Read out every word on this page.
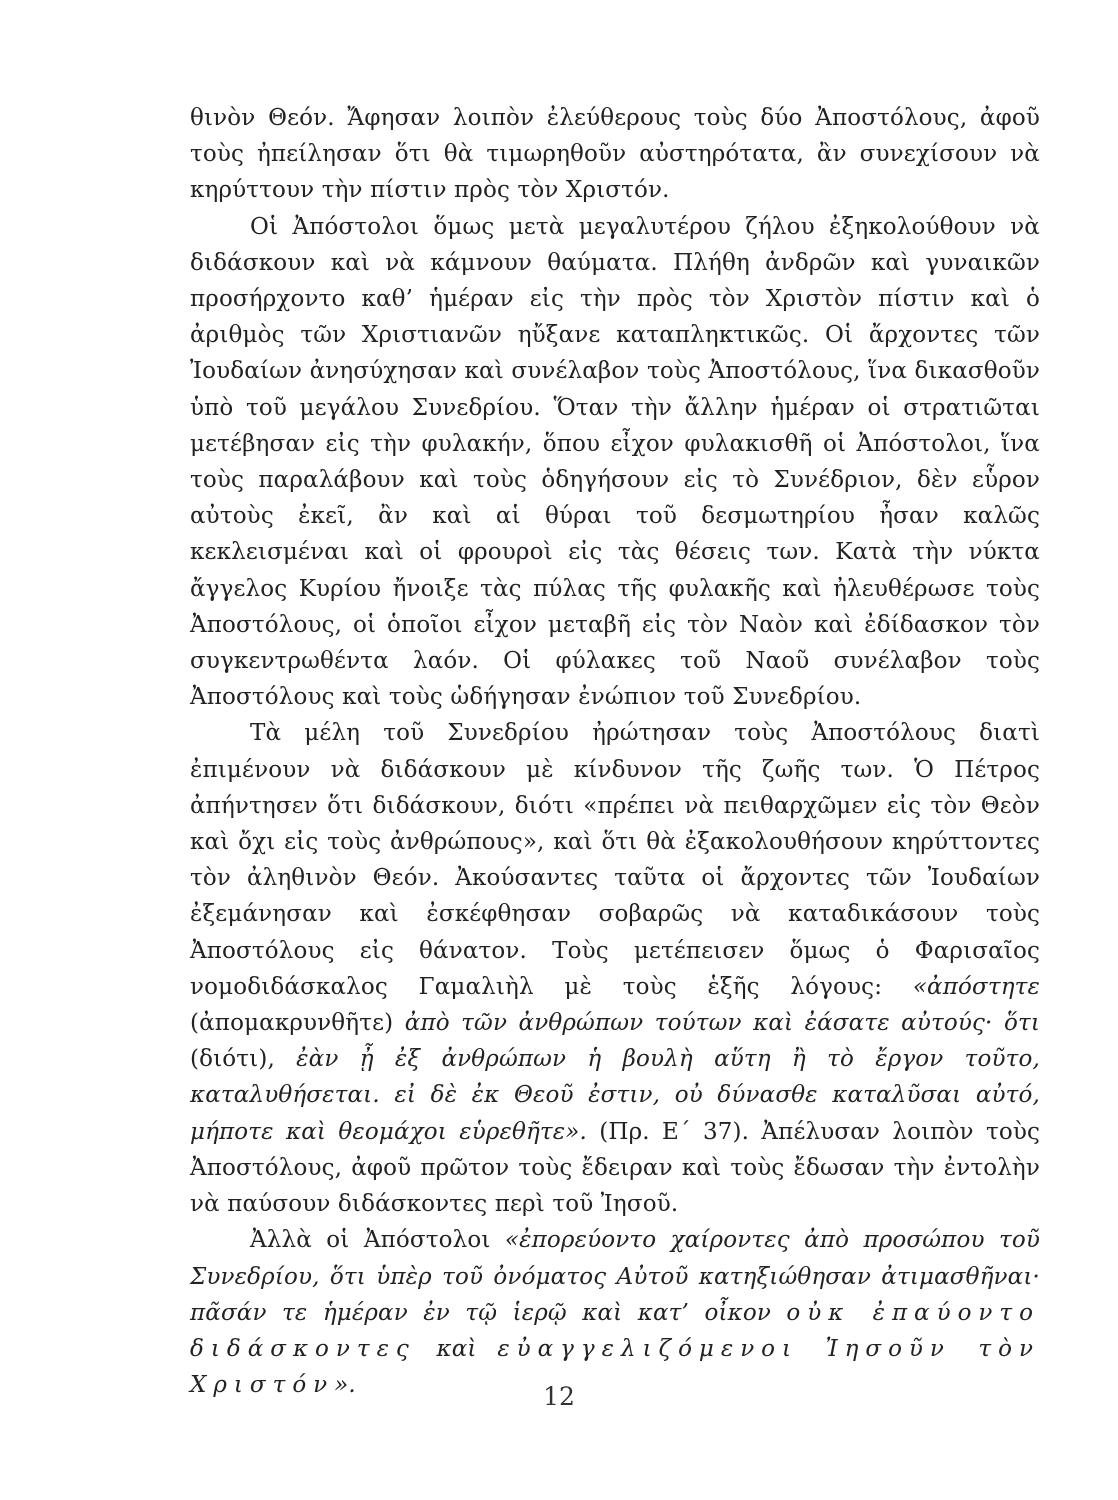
θινὸν Θεόν. Ἄφησαν λοιπὸν ἐλεύθερους τοὺς δύο Ἀποστόλους, ἀφοῦ τοὺς ἠπείλησαν ὅτι θὰ τιμωρηθοῦν αὐστηρότατα, ἂν συνεχίσουν νὰ κηρύττουν τὴν πίστιν πρὸς τὸν Χριστόν.

Οἱ Ἀπόστολοι ὅμως μετὰ μεγαλυτέρου ζήλου ἐξηκολούθουν νὰ διδάσκουν καὶ νὰ κάμνουν θαύματα. Πλήθη ἀνδρῶν καὶ γυναικῶν προσήρχοντο καθ’ ἡμέραν εἰς τὴν πρὸς τὸν Χριστὸν πίστιν καὶ ὁ ἀριθμὸς τῶν Χριστιανῶν ηὔξανε καταπληκτικῶς. Οἱ ἄρχοντες τῶν Ἰουδαίων ἀνησύχησαν καὶ συνέλαβον τοὺς Ἀποστόλους, ἵνα δικασθοῦν ὑπὸ τοῦ μεγάλου Συνεδρίου. Ὅταν τὴν ἄλλην ἡμέραν οἱ στρατιῶται μετέβησαν εἰς τὴν φυλακήν, ὅπου εἶχον φυλακισθῆ οἱ Ἀπόστολοι, ἵνα τοὺς παραλάβουν καὶ τοὺς ὁδηγήσουν εἰς τὸ Συνέδριον, δὲν εὗρον αὐτοὺς ἐκεῖ, ἂν καὶ αἱ θύραι τοῦ δεσμωτηρίου ἦσαν καλῶς κεκλεισμέναι καὶ οἱ φρουροὶ εἰς τὰς θέσεις των. Κατὰ τὴν νύκτα ἄγγελος Κυρίου ἤνοιξε τὰς πύλας τῆς φυλακῆς καὶ ἠλευθέρωσε τοὺς Ἀποστόλους, οἱ ὁποῖοι εἶχον μεταβῆ εἰς τὸν Ναὸν καὶ ἐδίδασκον τὸν συγκεντρωθέντα λαόν. Οἱ φύλακες τοῦ Ναοῦ συνέλαβον τοὺς Ἀποστόλους καὶ τοὺς ὡδήγησαν ἐνώπιον τοῦ Συνεδρίου.

Τὰ μέλη τοῦ Συνεδρίου ἠρώτησαν τοὺς Ἀποστόλους διατὶ ἐπιμένουν νὰ διδάσκουν μὲ κίνδυνον τῆς ζωῆς των. Ὁ Πέτρος ἀπήντησεν ὅτι διδάσκουν, διότι «πρέπει νὰ πειθαρχῶμεν εἰς τὸν Θεὸν καὶ ὄχι εἰς τοὺς ἀνθρώπους», καὶ ὅτι θὰ ἐξακολουθήσουν κηρύττοντες τὸν ἀληθινὸν Θεόν. Ἀκούσαντες ταῦτα οἱ ἄρχοντες τῶν Ἰουδαίων ἐξεμάνησαν καὶ ἐσκέφθησαν σοβαρῶς νὰ καταδικάσουν τοὺς Ἀποστόλους εἰς θάνατον. Τοὺς μετέπεισεν ὅμως ὁ Φαρισαῖος νομοδιδάσκαλος Γαμαλιὴλ μὲ τοὺς ἑξῆς λόγους: «ἀπόστητε (ἀπομακρυνθῆτε) ἀπὸ τῶν ἀνθρώπων τούτων καὶ ἐάσατε αὐτούς· ὅτι (διότι), ἐὰν ᾖ ἐξ ἀνθρώπων ἡ βουλὴ αὕτη ἢ τὸ ἔργον τοῦτο, καταλυθήσεται. εἰ δὲ ἐκ Θεοῦ ἐστιν, οὐ δύνασθε καταλῦσαι αὐτό, μήποτε καὶ θεομάχοι εὑρεθῆτε». (Πρ. Ε΄ 37). Ἀπέλυσαν λοιπὸν τοὺς Ἀποστόλους, ἀφοῦ πρῶτον τοὺς ἔδειραν καὶ τοὺς ἔδωσαν τὴν ἐντολὴν νὰ παύσουν διδάσκοντες περὶ τοῦ Ἰησοῦ.

Ἀλλὰ οἱ Ἀπόστολοι «ἐπορεύοντο χαίροντες ἀπὸ προσώπου τοῦ Συνεδρίου, ὅτι ὑπὲρ τοῦ ὀνόματος Αὐτοῦ κατηξιώθησαν ἀτιμασθῆναι· πᾶσάν τε ἡμέραν ἐν τῷ ἱερῷ καὶ κατ’ οἶκον οὐκ ἐπαύοντο διδάσκοντες καὶ εὐαγγελιζόμενοι Ἰησοῦν τὸν Χριστόν».	12
